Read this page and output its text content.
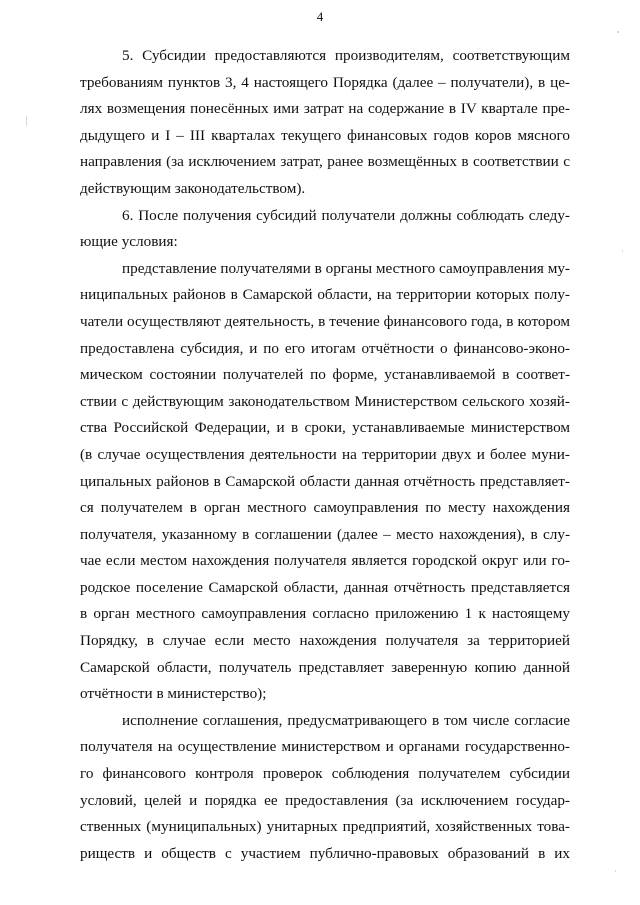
4
5. Субсидии предоставляются производителям, соответствующим
требованиям пунктов 3, 4 настоящего Порядка (далее – получатели), в це-
лях возмещения понесённых ими затрат на содержание в IV квартале пре-
дыдущего и I – III кварталах текущего финансовых годов коров мясного
направления (за исключением затрат, ранее возмещённых в соответствии с
действующим законодательством).
6. После получения субсидий получатели должны соблюдать следу-
ющие условия:
представление получателями в органы местного самоуправления му-
ниципальных районов в Самарской области, на территории которых полу-
чатели осуществляют деятельность, в течение финансового года, в котором
предоставлена субсидия, и по его итогам отчётности о финансово-эконо-
мическом состоянии получателей по форме, устанавливаемой в соответ-
ствии с действующим законодательством Министерством сельского хозяй-
ства Российской Федерации, и в сроки, устанавливаемые министерством
(в случае осуществления деятельности на территории двух и более муни-
ципальных районов в Самарской области данная отчётность представляет-
ся получателем в орган местного самоуправления по месту нахождения
получателя, указанному в соглашении (далее – место нахождения), в слу-
чае если местом нахождения получателя является городской округ или го-
родское поселение Самарской области, данная отчётность представляется
в орган местного самоуправления согласно приложению 1 к настоящему
Порядку, в случае если место нахождения получателя за территорией
Самарской области, получатель представляет заверенную копию данной
отчётности в министерство);
исполнение соглашения, предусматривающего в том числе согласие
получателя на осуществление министерством и органами государственно-
го финансового контроля проверок соблюдения получателем субсидии
условий, целей и порядка ее предоставления (за исключением государ-
ственных (муниципальных) унитарных предприятий, хозяйственных това-
риществ и обществ с участием публично-правовых образований в их
